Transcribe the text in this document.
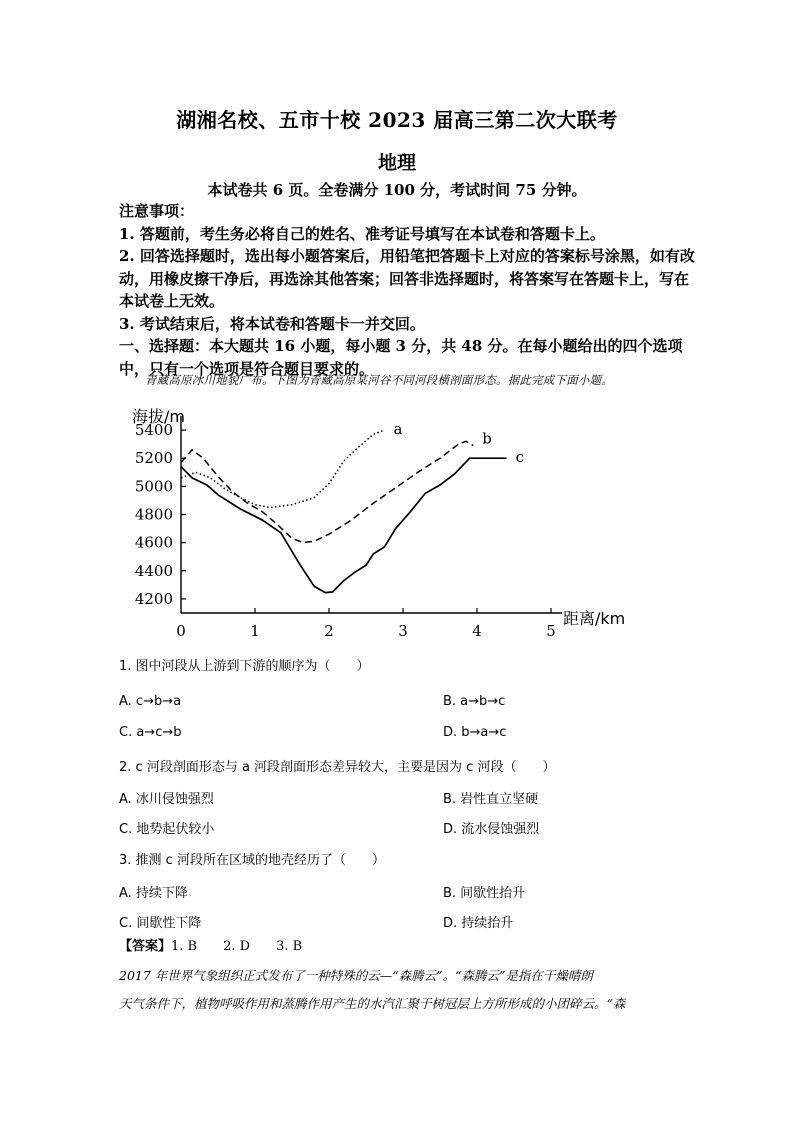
湖湘名校、五市十校 2023 届高三第二次大联考
地理
本试卷共 6 页。全卷满分 100 分，考试时间 75 分钟。
注意事项：
1. 答题前，考生务必将自己的姓名、准考证号填写在本试卷和答题卡上。
2. 回答选择题时，选出每小题答案后，用铅笔把答题卡上对应的答案标号涂黑，如有改动，用橡皮擦干净后，再选涂其他答案；回答非选择题时，将答案写在答题卡上，写在本试卷上无效。
3. 考试结束后，将本试卷和答题卡一并交回。
一、选择题：本大题共 16 小题，每小题 3 分，共 48 分。在每小题给出的四个选项中，只有一个选项是符合题目要求的。
青藏高原冰川地貌广布。下图为青藏高原某河谷不同河段横剖面形态。据此完成下面小题。
海拔/m
距离/km
0	1	2	3	4	5
4200
4400
4600
4800
5000
5200
5400	a
b
c
1. 图中河段从上游到下游的顺序为（　　）
A. c→b→a	B. a→b→c
C. a→c→b	D. b→a→c
2. c 河段剖面形态与 a 河段剖面形态差异较大，主要是因为 c 河段（　　）
A. 冰川侵蚀强烈	B. 岩性直立坚硬
C. 地势起伏较小	D. 流水侵蚀强烈
3. 推测 c 河段所在区域的地壳经历了（　　）
A. 持续下降	B. 间歇性抬升
C. 间歇性下降	D. 持续抬升
【答案】1. B　　2. D　　3. B
2017 年世界气象组织正式发布了一种特殊的云—“森腾云”。“森腾云”是指在干燥晴朗
天气条件下，植物呼吸作用和蒸腾作用产生的水汽汇聚于树冠层上方所形成的小团碎云。“森
